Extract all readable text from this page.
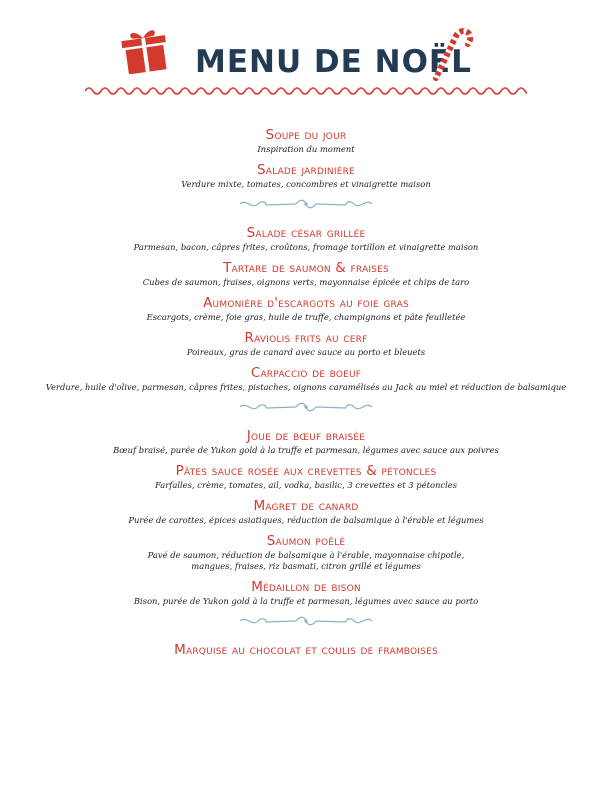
MENU DE NOËL
Soupe du jour
Inspiration du moment
Salade jardinière
Verdure mixte, tomates, concombres et vinaigrette maison
Salade césar grillée
Parmesan, bacon, câpres frites, croûtons, fromage tortillon et vinaigrette maison
Tartare de saumon & fraises
Cubes de saumon, fraises, oignons verts, mayonnaise épicée et chips de taro
Aumonière d'escargots au foie gras
Escargots, crème, foie gras, huile de truffe, champignons et pâte feuilletée
Raviolis frits au cerf
Poireaux, gras de canard avec sauce au porto et bleuets
Carpaccio de boeuf
Verdure, huile d'olive, parmesan, câpres frites, pistaches, oignons caramélisés au Jack au miel et réduction de balsamique
Joue de bœuf braisée
Bœuf braisé, purée de Yukon gold à la truffe et parmesan, légumes avec sauce aux poivres
Pâtes sauce rosée aux crevettes & pétoncles
Farfalles, crème, tomates, ail, vodka, basilic, 3 crevettes et 3 pétoncles
Magret de canard
Purée de carottes, épices asiatiques, réduction de balsamique à l'érable et légumes
Saumon poêlé
Pavé de saumon, réduction de balsamique à l'érable, mayonnaise chipotle,
mangues, fraises, riz basmati, citron grillé et légumes
Médaillon de bison
Bison, purée de Yukon gold à la truffe et parmesan, légumes avec sauce au porto
Marquise au chocolat et coulis de framboises
